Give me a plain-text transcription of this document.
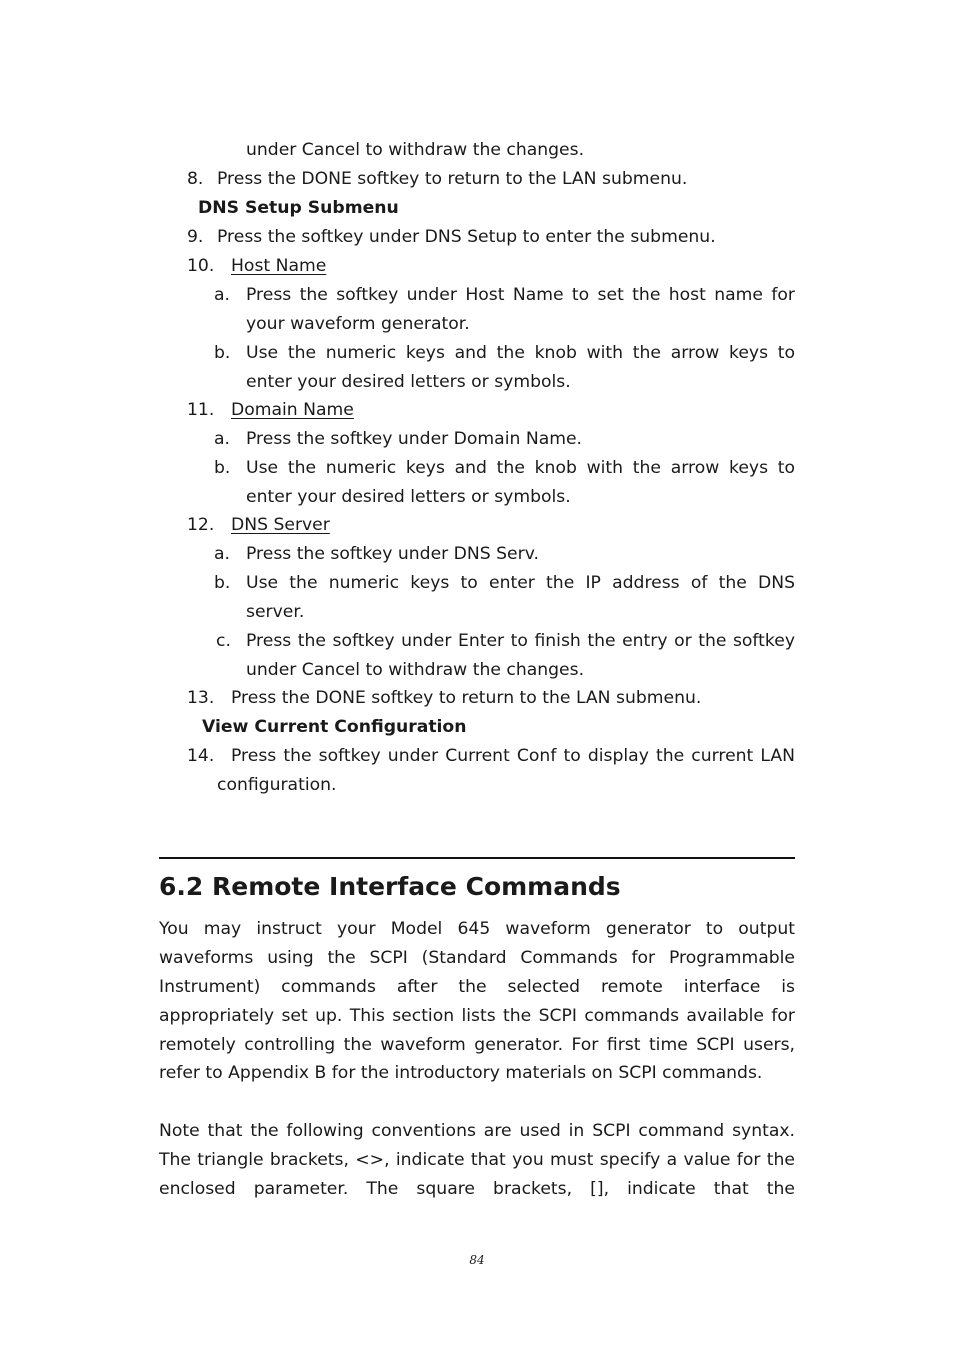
under Cancel to withdraw the changes.
8. Press the DONE softkey to return to the LAN submenu.
DNS Setup Submenu
9. Press the softkey under DNS Setup to enter the submenu.
10. Host Name
a. Press the softkey under Host Name to set the host name for
your waveform generator.
b. Use the numeric keys and the knob with the arrow keys to
enter your desired letters or symbols.
11. Domain Name
a. Press the softkey under Domain Name.
b. Use the numeric keys and the knob with the arrow keys to
enter your desired letters or symbols.
12. DNS Server
a. Press the softkey under DNS Serv.
b. Use the numeric keys to enter the IP address of the DNS
server.
c. Press the softkey under Enter to finish the entry or the softkey
under Cancel to withdraw the changes.
13. Press the DONE softkey to return to the LAN submenu.
View Current Configuration
14. Press the softkey under Current Conf to display the current LAN
configuration.
6.2 Remote Interface Commands
You may instruct your Model 645 waveform generator to output
waveforms using the SCPI (Standard Commands for Programmable
Instrument) commands after the selected remote interface is
appropriately set up. This section lists the SCPI commands available for
remotely controlling the waveform generator. For first time SCPI users,
refer to Appendix B for the introductory materials on SCPI commands.
Note that the following conventions are used in SCPI command syntax.
The triangle brackets, <>, indicate that you must specify a value for the
enclosed parameter. The square brackets, [], indicate that the
84
